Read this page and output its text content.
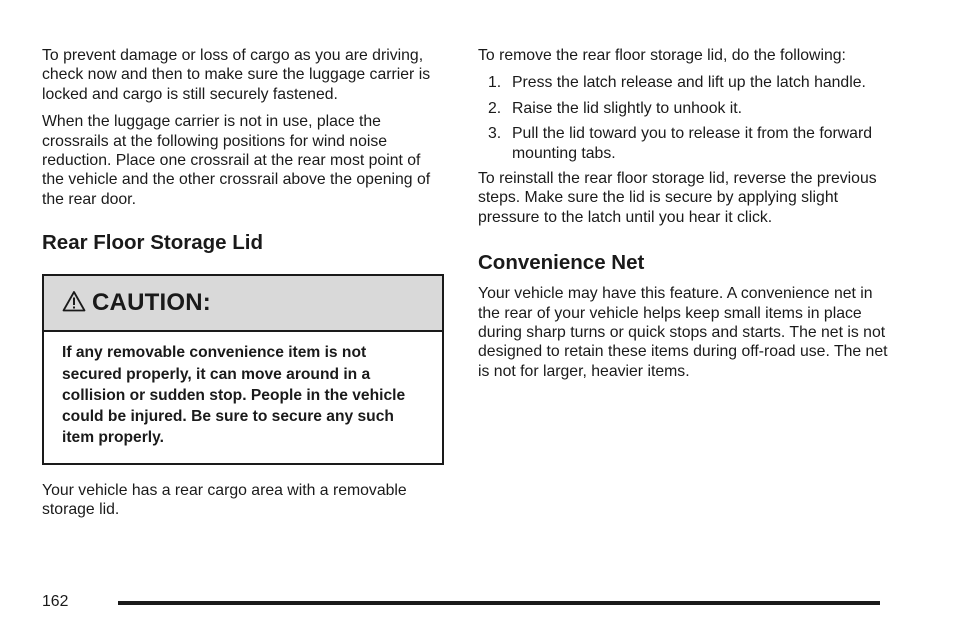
To prevent damage or loss of cargo as you are driving, check now and then to make sure the luggage carrier is locked and cargo is still securely fastened.

When the luggage carrier is not in use, place the crossrails at the following positions for wind noise reduction. Place one crossrail at the rear most point of the vehicle and the other crossrail above the opening of the rear door.

Rear Floor Storage Lid
CAUTION:
If any removable convenience item is not secured properly, it can move around in a collision or sudden stop. People in the vehicle could be injured. Be sure to secure any such item properly.

Your vehicle has a rear cargo area with a removable storage lid.

To remove the rear floor storage lid, do the following:

1. Press the latch release and lift up the latch handle.
2. Raise the lid slightly to unhook it.
3. Pull the lid toward you to release it from the forward mounting tabs.

To reinstall the rear floor storage lid, reverse the previous steps. Make sure the lid is secure by applying slight pressure to the latch until you hear it click.

Convenience Net

Your vehicle may have this feature. A convenience net in the rear of your vehicle helps keep small items in place during sharp turns or quick stops and starts. The net is not designed to retain these items during off-road use. The net is not for larger, heavier items.

162
